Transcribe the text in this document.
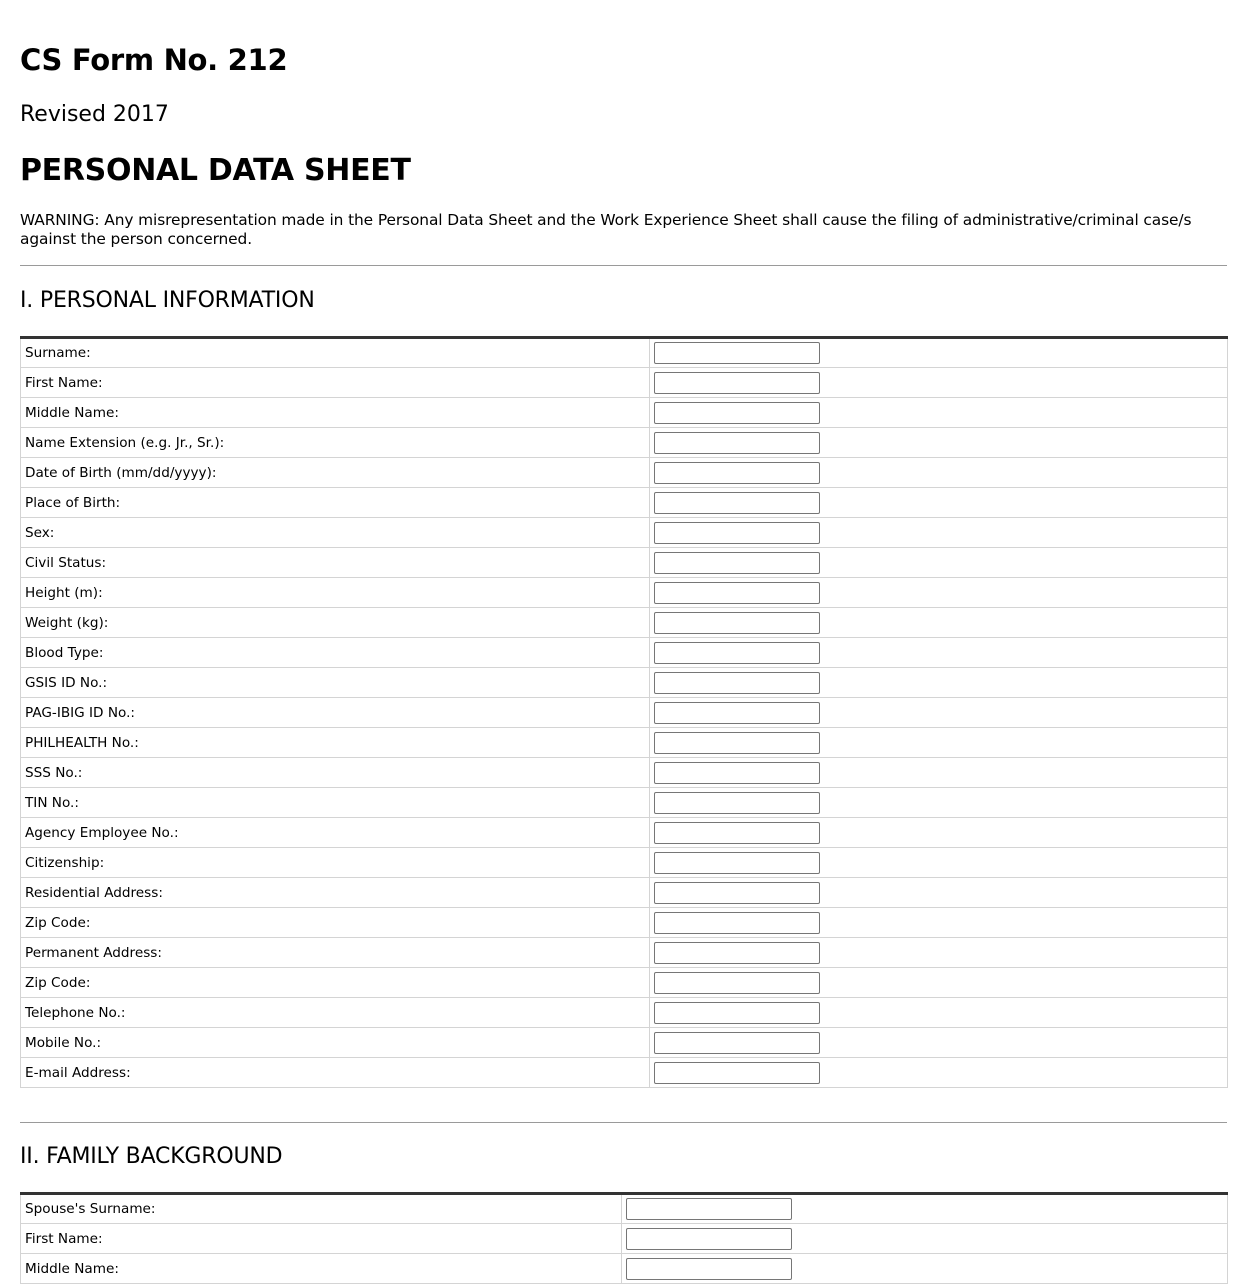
CS Form No. 212
Revised 2017
PERSONAL DATA SHEET

WARNING: Any misrepresentation made in the Personal Data Sheet and the Work Experience Sheet shall cause the filing of administrative/criminal case/s against the person concerned.

I. PERSONAL INFORMATION
Surname:	

First Name:	

Middle Name:	

Name Extension (e.g. Jr., Sr.):	

Date of Birth (mm/dd/yyyy):	

Place of Birth:	

Sex:	

Civil Status:	

Height (m):	

Weight (kg):	

Blood Type:	

GSIS ID No.:	

PAG-IBIG ID No.:	

PHILHEALTH No.:	

SSS No.:	

TIN No.:	

Agency Employee No.:	

Citizenship:	

Residential Address:	

Zip Code:	

Permanent Address:	

Zip Code:	

Telephone No.:	

Mobile No.:	

E-mail Address:	
II. FAMILY BACKGROUND
Spouse's Surname:	

First Name:	

Middle Name:	
